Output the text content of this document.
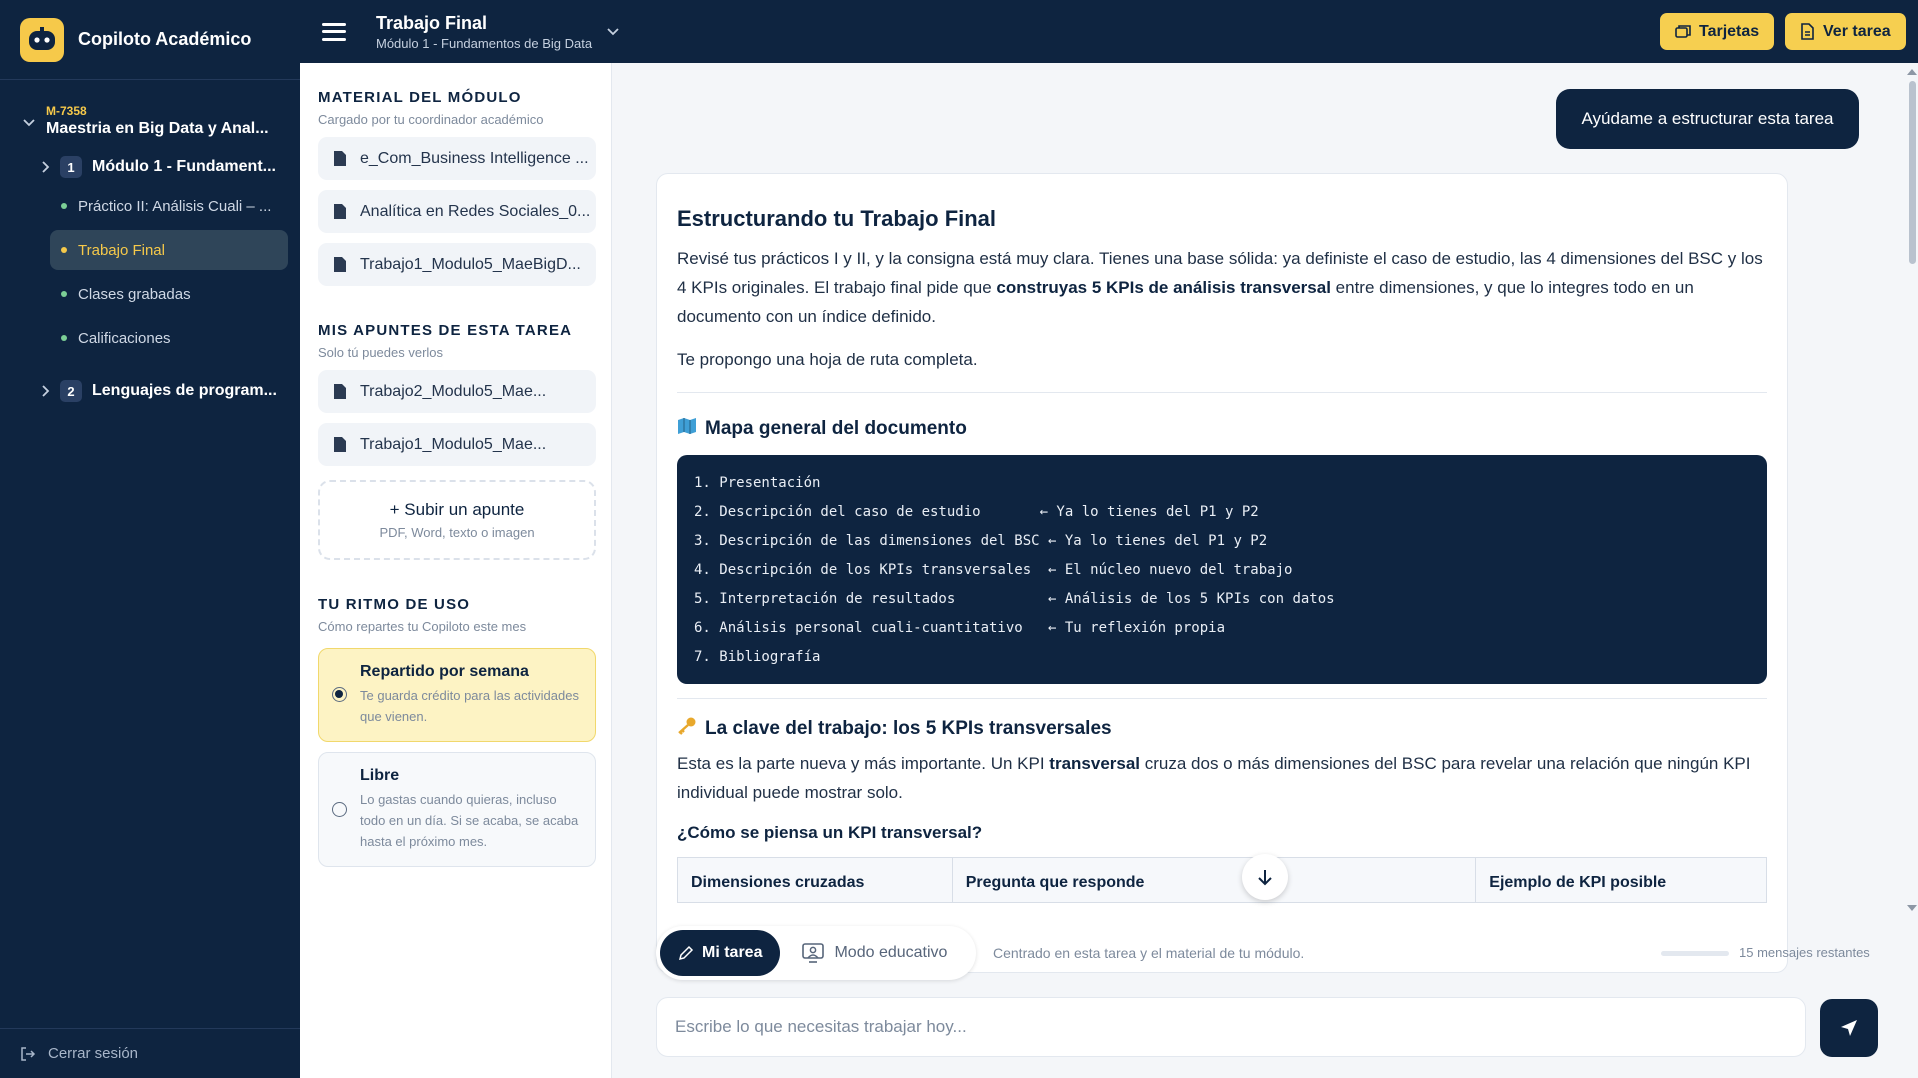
Copiloto Académico
M-7358
Maestria en Big Data y Anal...
1	Módulo 1 - Fundament...
Práctico II: Análisis Cuali – ...
Trabajo Final
Clases grabadas
Calificaciones
2	Lenguajes de program...
Cerrar sesión
Trabajo Final
Módulo 1 - Fundamentos de Big Data
Tarjetas	Ver tarea
MATERIAL DEL MÓDULO
Cargado por tu coordinador académico
e_Com_Business Intelligence ...
Analítica en Redes Sociales_0...
Trabajo1_Modulo5_MaeBigD...
MIS APUNTES DE ESTA TAREA
Solo tú puedes verlos
Trabajo2_Modulo5_Mae...
Trabajo1_Modulo5_Mae...
+ Subir un apunte
PDF, Word, texto o imagen
TU RITMO DE USO
Cómo repartes tu Copiloto este mes
Repartido por semana
Te guarda crédito para las actividades que vienen.
Libre
Lo gastas cuando quieras, incluso todo en un día. Si se acaba, se acaba hasta el próximo mes.
Ayúdame a estructurar esta tarea
Estructurando tu Trabajo Final
Revisé tus prácticos I y II, y la consigna está muy clara. Tienes una base sólida: ya definiste el caso de estudio, las 4 dimensiones del BSC y los 4 KPIs originales. El trabajo final pide que construyas 5 KPIs de análisis transversal entre dimensiones, y que lo integres todo en un documento con un índice definido.
Te propongo una hoja de ruta completa.
Mapa general del documento
1. Presentación
2. Descripción del caso de estudio       ← Ya lo tienes del P1 y P2
3. Descripción de las dimensiones del BSC ← Ya lo tienes del P1 y P2
4. Descripción de los KPIs transversales  ← El núcleo nuevo del trabajo
5. Interpretación de resultados           ← Análisis de los 5 KPIs con datos
6. Análisis personal cuali-cuantitativo   ← Tu reflexión propia
7. Bibliografía
La clave del trabajo: los 5 KPIs transversales
Esta es la parte nueva y más importante. Un KPI transversal cruza dos o más dimensiones del BSC para revelar una relación que ningún KPI individual puede mostrar solo.
¿Cómo se piensa un KPI transversal?
Dimensiones cruzadas	Pregunta que responde	Ejemplo de KPI posible
Mi tarea	Modo educativo	Centrado en esta tarea y el material de tu módulo.	15 mensajes restantes
Escribe lo que necesitas trabajar hoy...
